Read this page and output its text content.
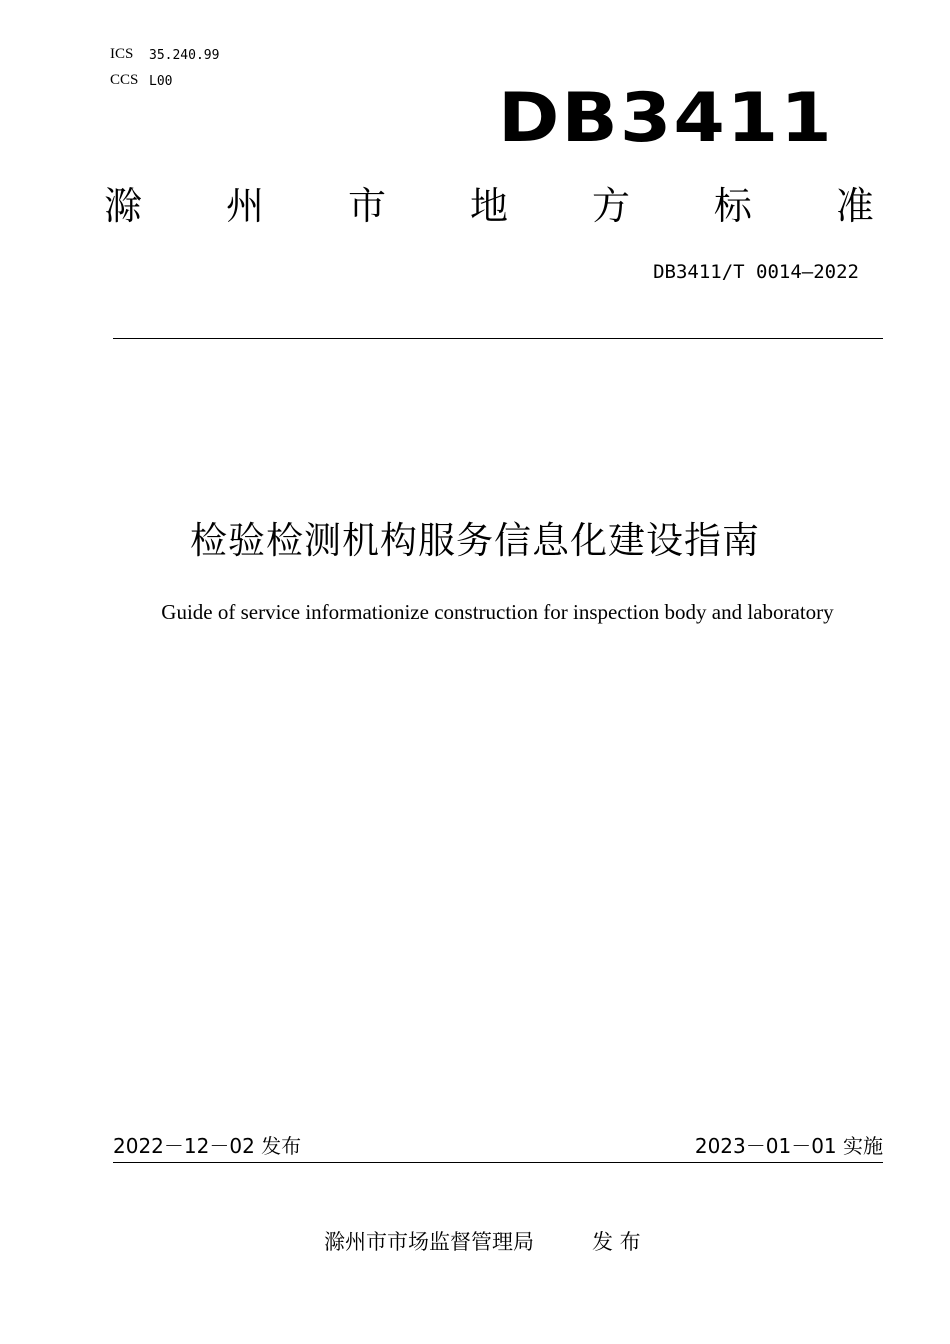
ICS 35.240.99
CCS L00	DB3411
滁 州 市 地 方 标 准
DB3411/T 0014—2022
检验检测机构服务信息化建设指南
Guide of service informationize construction for inspection body and laboratory
2022－12－02 发布	2023－01－01 实施
滁州市市场监督管理局	发 布
